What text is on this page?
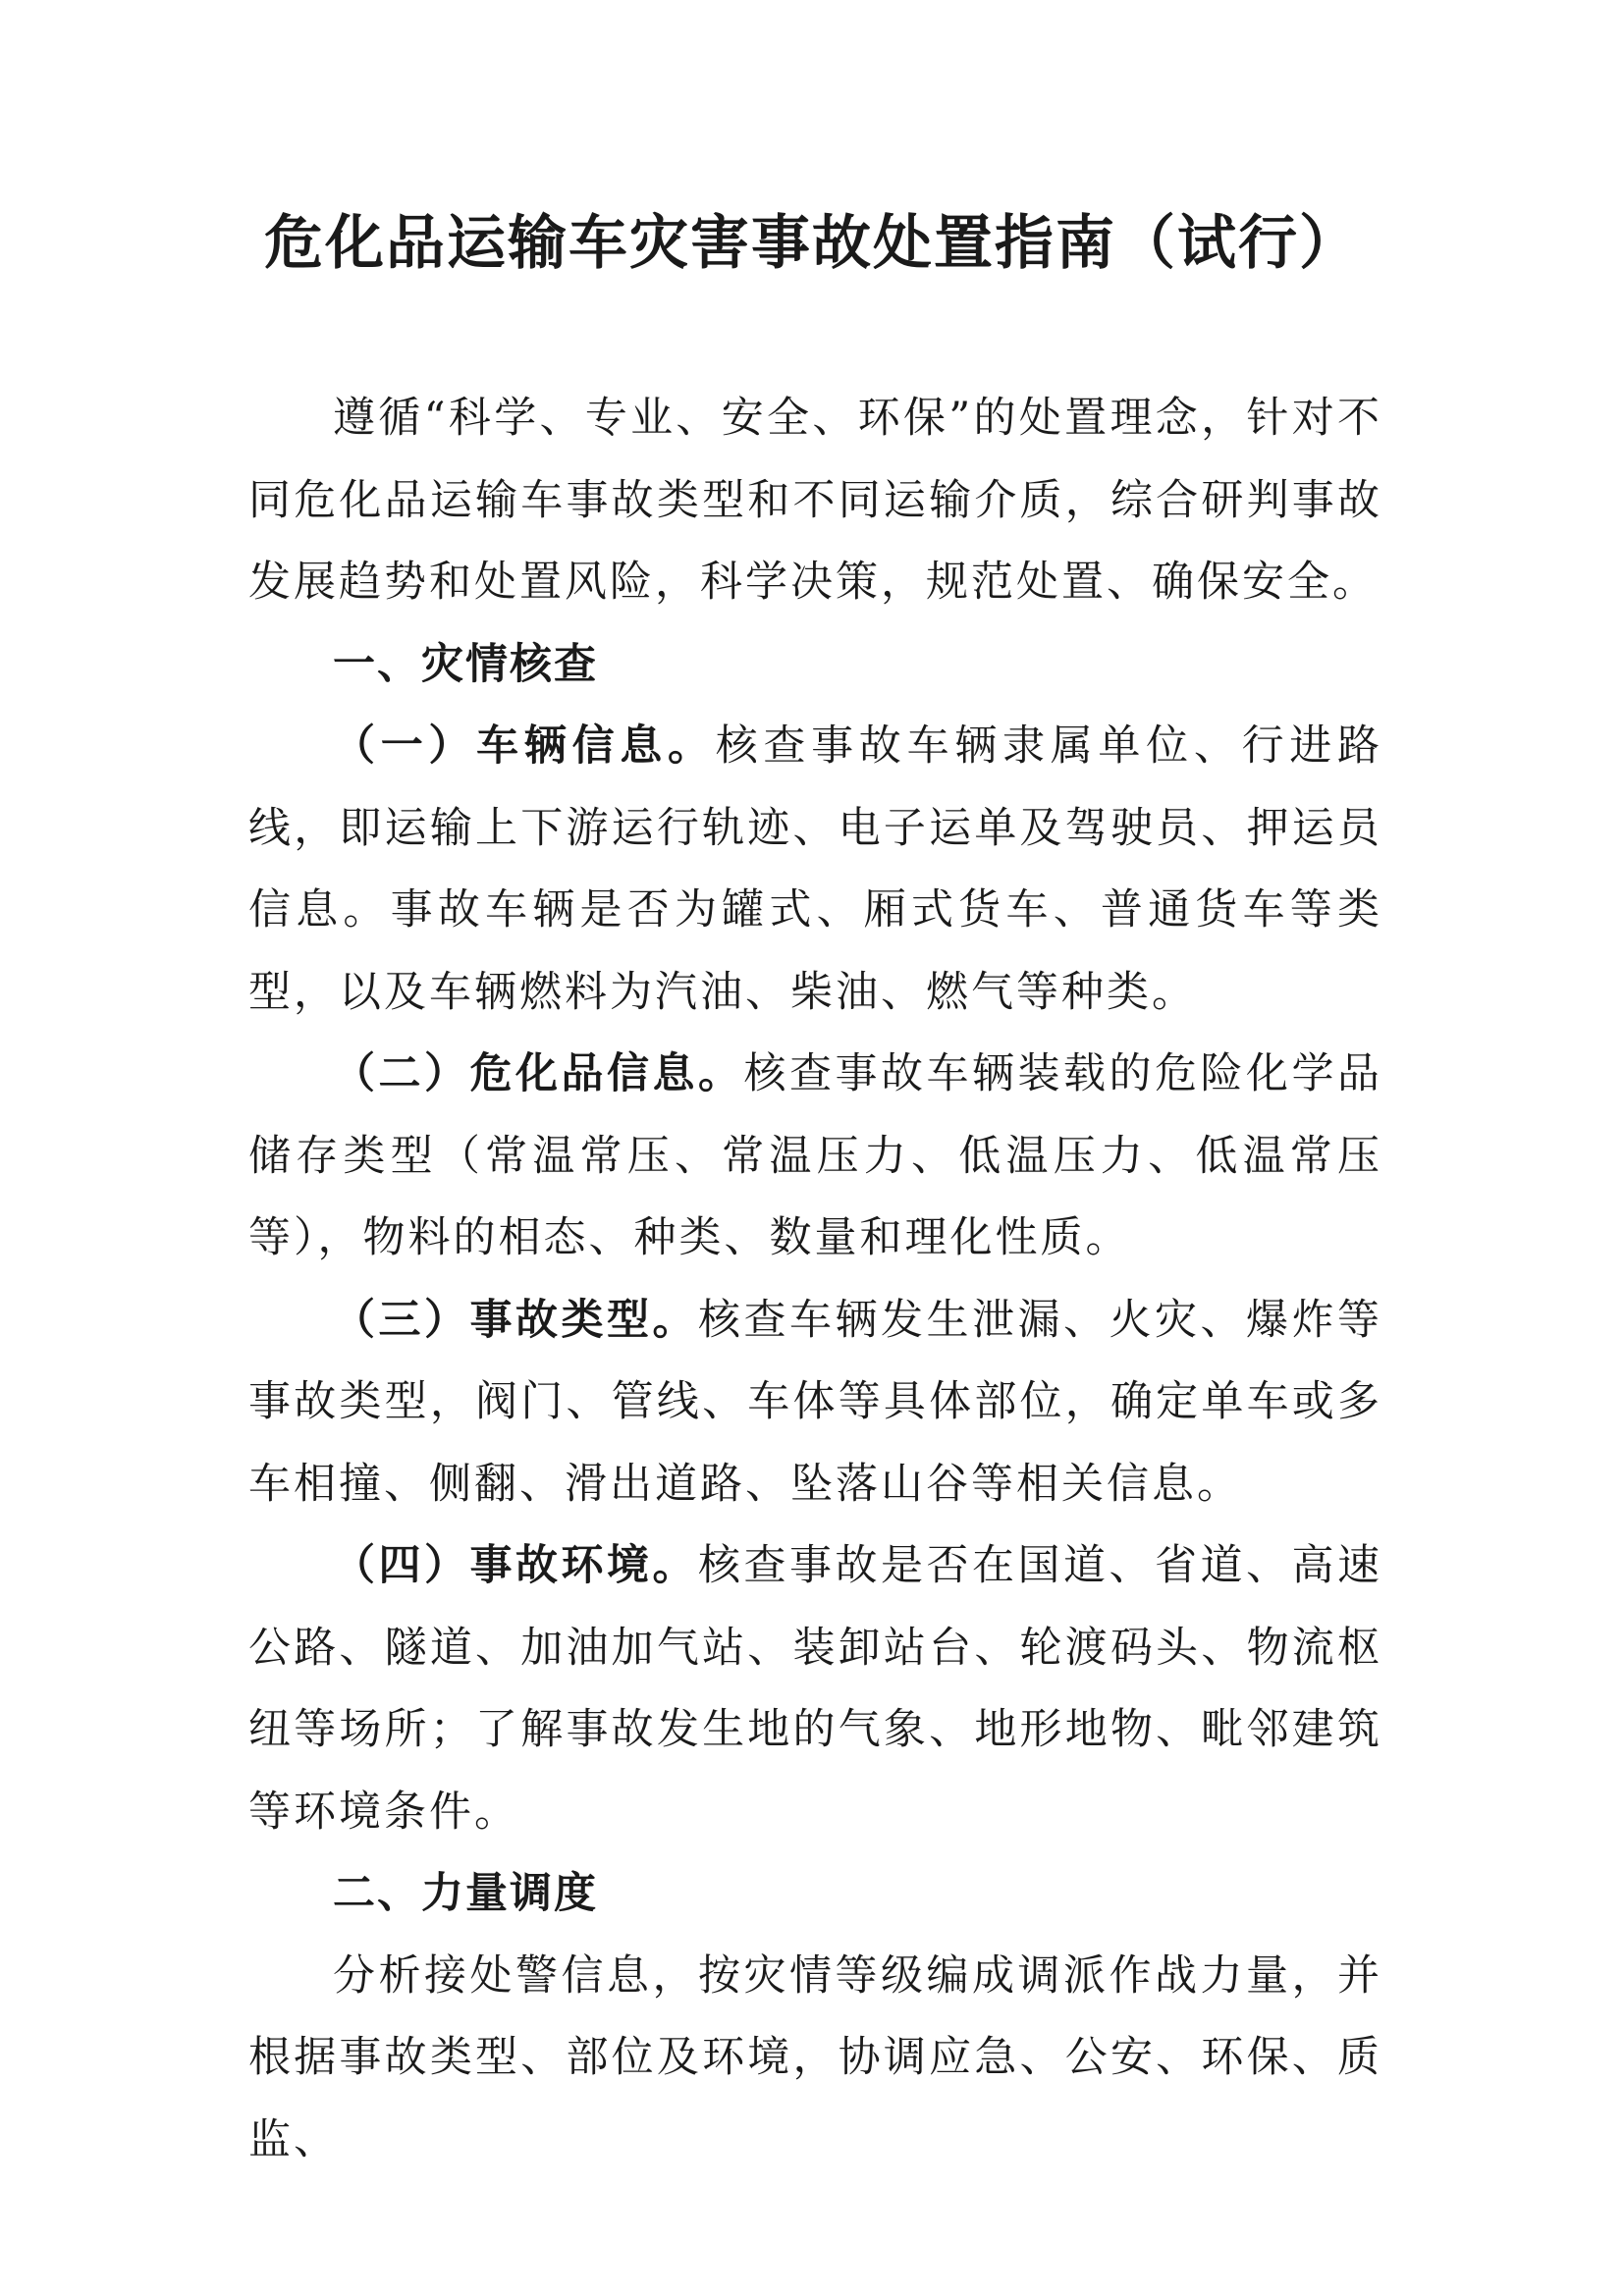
危化品运输车灾害事故处置指南（试行）

遵循“科学、专业、安全、环保”的处置理念，针对不同危化品运输车事故类型和不同运输介质，综合研判事故发展趋势和处置风险，科学决策，规范处置、确保安全。

一、灾情核查

（一）车辆信息。核查事故车辆隶属单位、行进路线，即运输上下游运行轨迹、电子运单及驾驶员、押运员信息。事故车辆是否为罐式、厢式货车、普通货车等类型，以及车辆燃料为汽油、柴油、燃气等种类。

（二）危化品信息。核查事故车辆装载的危险化学品储存类型（常温常压、常温压力、低温压力、低温常压等），物料的相态、种类、数量和理化性质。

（三）事故类型。核查车辆发生泄漏、火灾、爆炸等事故类型，阀门、管线、车体等具体部位，确定单车或多车相撞、侧翻、滑出道路、坠落山谷等相关信息。

（四）事故环境。核查事故是否在国道、省道、高速公路、隧道、加油加气站、装卸站台、轮渡码头、物流枢纽等场所；了解事故发生地的气象、地形地物、毗邻建筑等环境条件。

二、力量调度

分析接处警信息，按灾情等级编成调派作战力量，并根据事故类型、部位及环境，协调应急、公安、环保、质监、
